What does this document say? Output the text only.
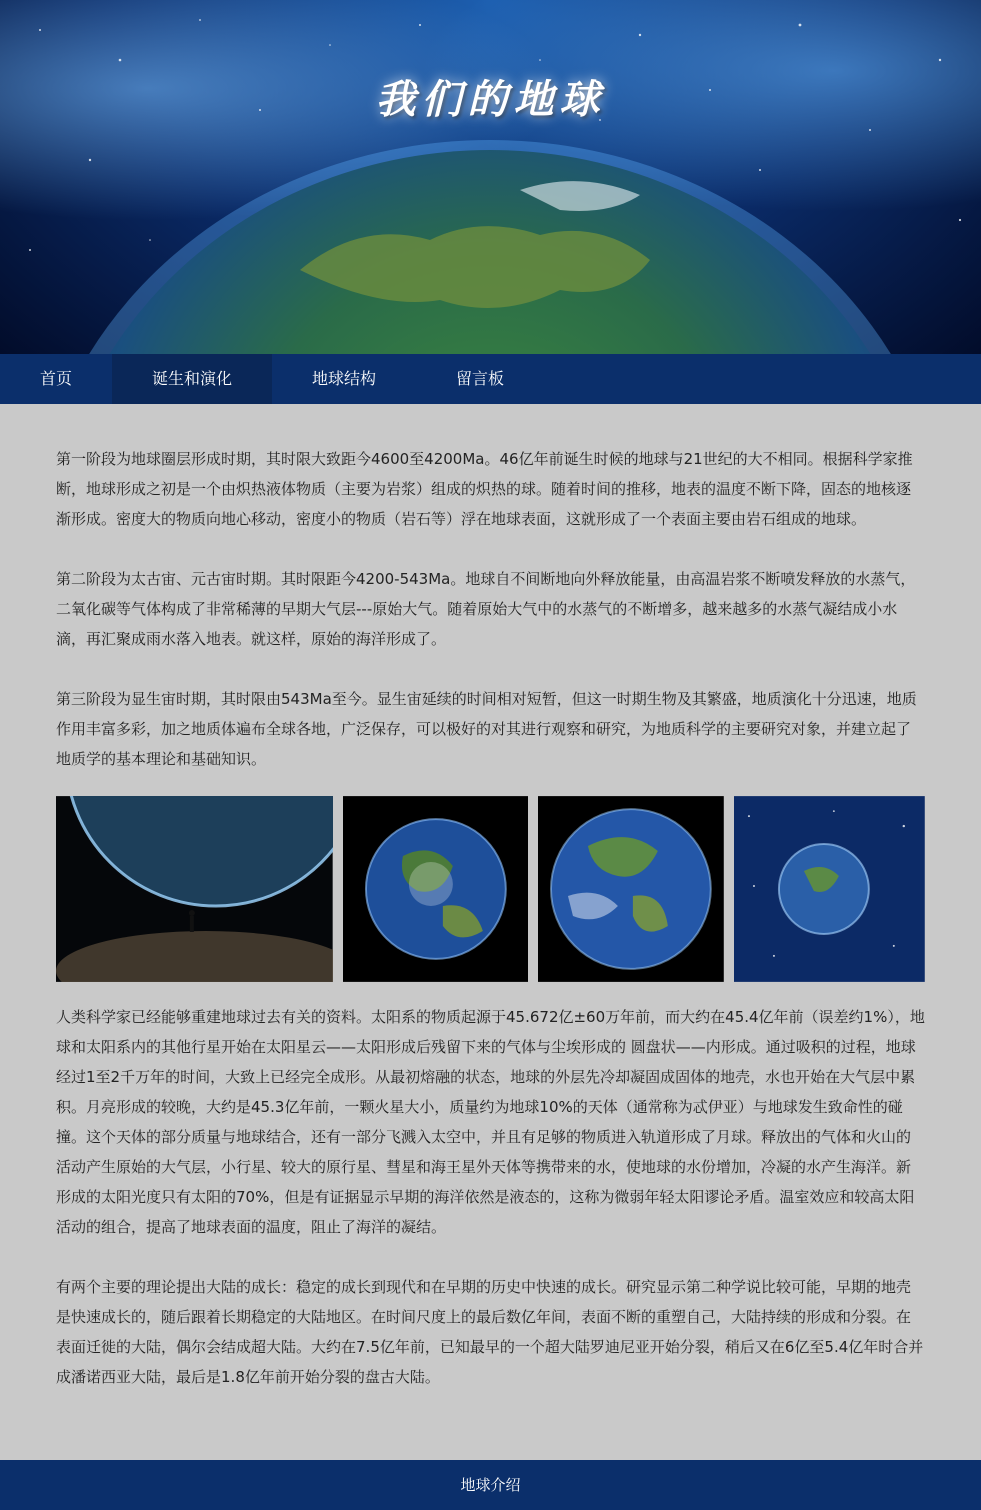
我们的地球
首页	诞生和演化	地球结构	留言板

第一阶段为地球圈层形成时期，其时限大致距今4600至4200Ma。46亿年前诞生时候的地球与21世纪的大不相同。根据科学家推断，地球形成之初是一个由炽热液体物质（主要为岩浆）组成的炽热的球。随着时间的推移，地表的温度不断下降，固态的地核逐渐形成。密度大的物质向地心移动，密度小的物质（岩石等）浮在地球表面，这就形成了一个表面主要由岩石组成的地球。

第二阶段为太古宙、元古宙时期。其时限距今4200-543Ma。地球自不间断地向外释放能量，由高温岩浆不断喷发释放的水蒸气，二氧化碳等气体构成了非常稀薄的早期大气层---原始大气。随着原始大气中的水蒸气的不断增多，越来越多的水蒸气凝结成小水滴，再汇聚成雨水落入地表。就这样，原始的海洋形成了。

第三阶段为显生宙时期，其时限由543Ma至今。显生宙延续的时间相对短暂，但这一时期生物及其繁盛，地质演化十分迅速，地质作用丰富多彩，加之地质体遍布全球各地，广泛保存，可以极好的对其进行观察和研究，为地质科学的主要研究对象，并建立起了地质学的基本理论和基础知识。

人类科学家已经能够重建地球过去有关的资料。太阳系的物质起源于45.672亿±60万年前，而大约在45.4亿年前（误差约1%），地球和太阳系内的其他行星开始在太阳星云——太阳形成后残留下来的气体与尘埃形成的 圆盘状——内形成。通过吸积的过程，地球经过1至2千万年的时间，大致上已经完全成形。从最初熔融的状态，地球的外层先冷却凝固成固体的地壳，水也开始在大气层中累积。月亮形成的较晚，大约是45.3亿年前，一颗火星大小，质量约为地球10%的天体（通常称为忒伊亚）与地球发生致命性的碰撞。这个天体的部分质量与地球结合，还有一部分飞溅入太空中，并且有足够的物质进入轨道形成了月球。释放出的气体和火山的活动产生原始的大气层，小行星、较大的原行星、彗星和海王星外天体等携带来的水，使地球的水份增加，冷凝的水产生海洋。新形成的太阳光度只有太阳的70%，但是有证据显示早期的海洋依然是液态的，这称为微弱年轻太阳谬论矛盾。温室效应和较高太阳活动的组合，提高了地球表面的温度，阻止了海洋的凝结。

有两个主要的理论提出大陆的成长：稳定的成长到现代和在早期的历史中快速的成长。研究显示第二种学说比较可能，早期的地壳是快速成长的，随后跟着长期稳定的大陆地区。在时间尺度上的最后数亿年间，表面不断的重塑自己，大陆持续的形成和分裂。在表面迁徙的大陆，偶尔会结成超大陆。大约在7.5亿年前，已知最早的一个超大陆罗迪尼亚开始分裂，稍后又在6亿至5.4亿年时合并成潘诺西亚大陆，最后是1.8亿年前开始分裂的盘古大陆。

地球介绍
